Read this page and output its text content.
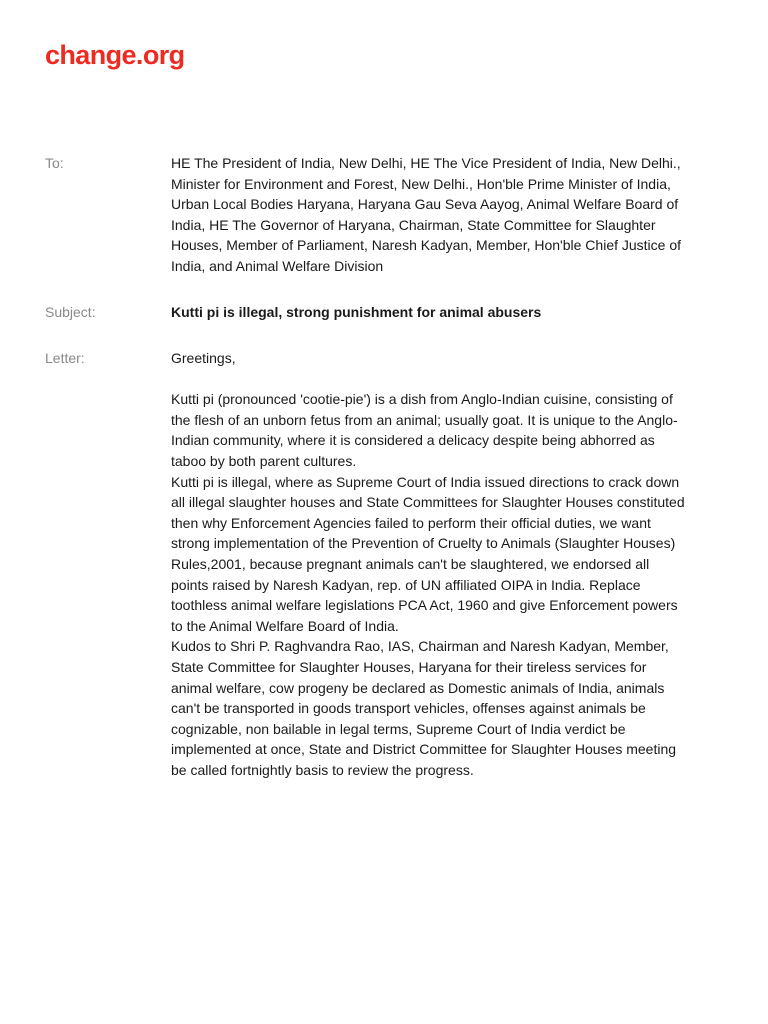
change.org
To:	HE The President of India, New Delhi, HE The Vice President of India, New Delhi.,
Minister for Environment and Forest, New Delhi., Hon'ble Prime Minister of India,
Urban Local Bodies Haryana, Haryana Gau Seva Aayog, Animal Welfare Board of
India, HE The Governor of Haryana, Chairman, State Committee for Slaughter
Houses, Member of Parliament, Naresh Kadyan, Member, Hon'ble Chief Justice of
India, and Animal Welfare Division
Subject:	Kutti pi is illegal, strong punishment for animal abusers
Letter:	Greetings,

Kutti pi (pronounced 'cootie-pie') is a dish from Anglo-Indian cuisine, consisting of
the flesh of an unborn fetus from an animal; usually goat. It is unique to the Anglo-
Indian community, where it is considered a delicacy despite being abhorred as
taboo by both parent cultures.
Kutti pi is illegal, where as Supreme Court of India issued directions to crack down
all illegal slaughter houses and State Committees for Slaughter Houses constituted
then why Enforcement Agencies failed to perform their official duties, we want
strong implementation of the Prevention of Cruelty to Animals (Slaughter Houses)
Rules,2001, because pregnant animals can't be slaughtered, we endorsed all
points raised by Naresh Kadyan, rep. of UN affiliated OIPA in India. Replace
toothless animal welfare legislations PCA Act, 1960 and give Enforcement powers
to the Animal Welfare Board of India.
Kudos to Shri P. Raghvandra Rao, IAS, Chairman and Naresh Kadyan, Member,
State Committee for Slaughter Houses, Haryana for their tireless services for
animal welfare, cow progeny be declared as Domestic animals of India, animals
can't be transported in goods transport vehicles, offenses against animals be
cognizable, non bailable in legal terms, Supreme Court of India verdict be
implemented at once, State and District Committee for Slaughter Houses meeting
be called fortnightly basis to review the progress.
